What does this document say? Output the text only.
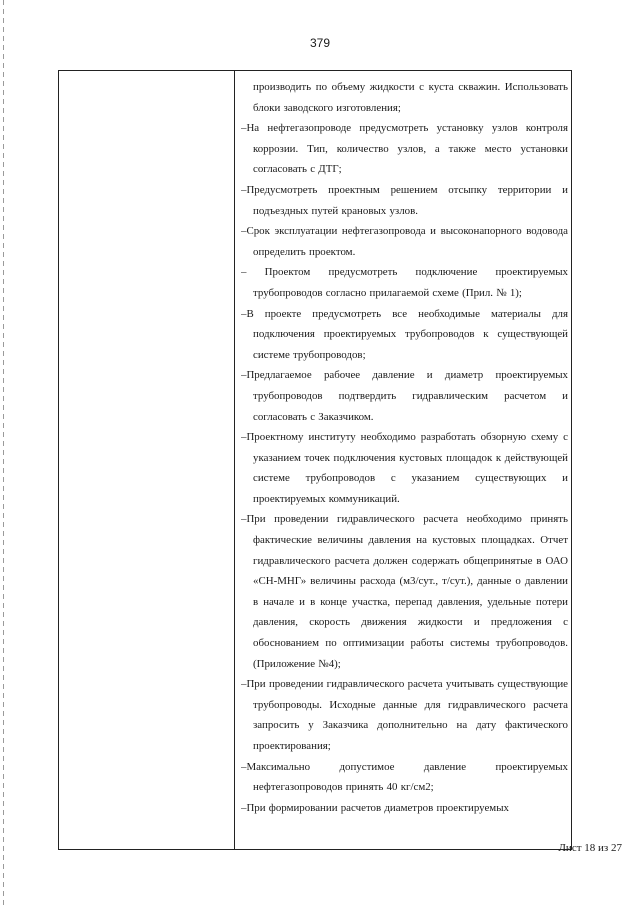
379

производить по объему жидкости с куста скважин. Использовать блоки заводского изготовления;

–На нефтегазопроводе предусмотреть установку узлов контроля коррозии. Тип, количество узлов, а также место установки согласовать с ДТГ;

–Предусмотреть проектным решением отсыпку территории и подъездных путей крановых узлов.

–Срок эксплуатации нефтегазопровода и высоконапорного водовода определить проектом.

– Проектом предусмотреть подключение проектируемых трубопроводов согласно прилагаемой схеме (Прил. № 1);

–В проекте предусмотреть все необходимые материалы для подключения проектируемых трубопроводов к существующей системе трубопроводов;

–Предлагаемое рабочее давление и диаметр проектируемых трубопроводов подтвердить гидравлическим расчетом и согласовать с Заказчиком.

–Проектному институту необходимо разработать обзорную схему с указанием точек подключения кустовых площадок к действующей системе трубопроводов с указанием существующих и проектируемых коммуникаций.

–При проведении гидравлического расчета необходимо принять фактические величины давления на кустовых площадках. Отчет гидравлического расчета должен содержать общепринятые в ОАО «СН-МНГ» величины расхода (м3/сут., т/сут.), данные о давлении в начале и в конце участка, перепад давления, удельные потери давления, скорость движения жидкости и предложения с обоснованием по оптимизации работы системы трубопроводов. (Приложение №4);

–При проведении гидравлического расчета учитывать существующие трубопроводы. Исходные данные для гидравлического расчета запросить у Заказчика дополнительно на дату фактического проектирования;

–Максимально допустимое давление проектируемых нефтегазопроводов принять 40 кг/см2;

–При формировании расчетов диаметров проектируемых

Лист 18 из 27
